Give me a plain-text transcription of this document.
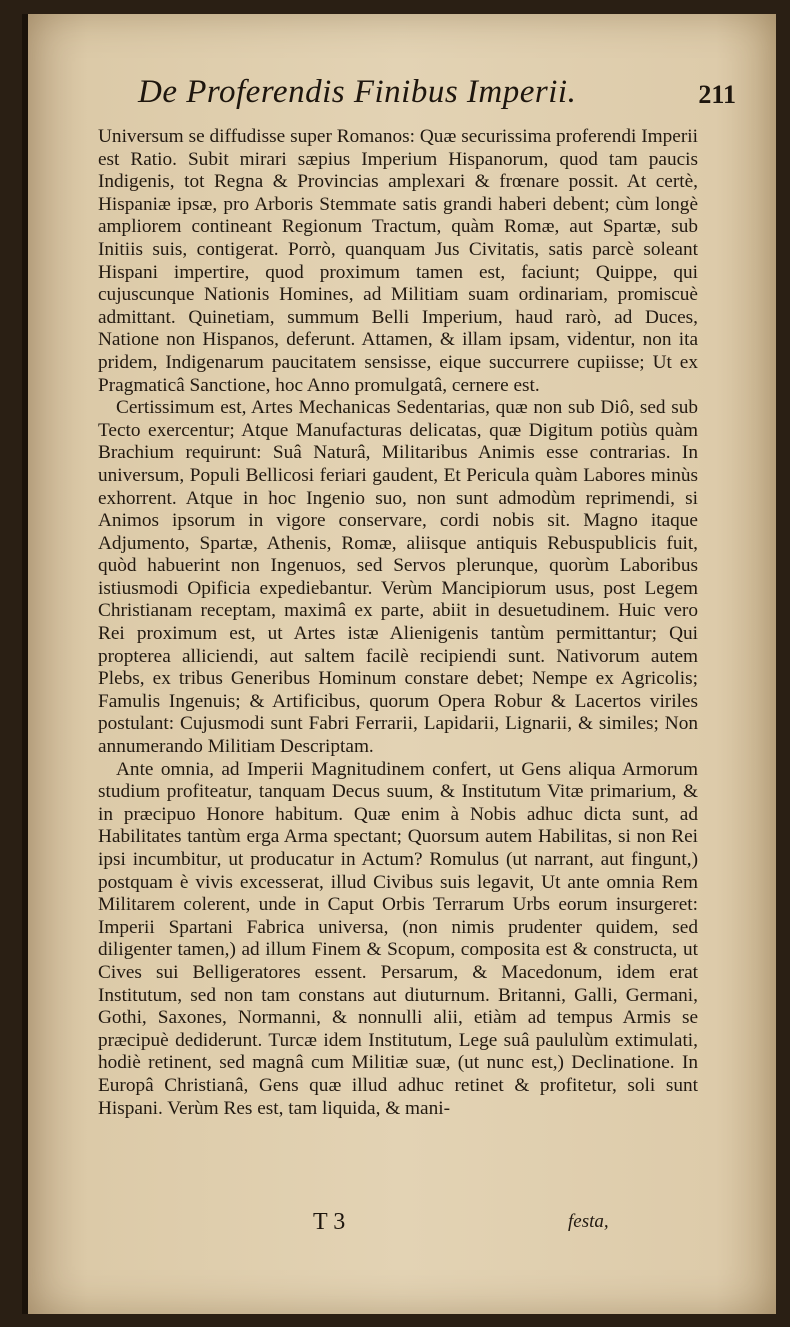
De Proferendis Finibus Imperii.	211

Universum se diffudisse super Romanos: Quæ securissima proferendi Imperii est Ratio. Subit mirari sæpius Imperium Hispanorum, quod tam paucis Indigenis, tot Regna & Provincias amplexari & frœnare possit. At certè, Hispaniæ ipsæ, pro Arboris Stemmate satis grandi haberi debent; cùm longè ampliorem contineant Regionum Tractum, quàm Romæ, aut Spartæ, sub Initiis suis, contigerat. Porrò, quanquam Jus Civitatis, satis parcè soleant Hispani impertire, quod proximum tamen est, faciunt; Quippe, qui cujuscunque Nationis Homines, ad Militiam suam ordinariam, promiscuè admittant. Quinetiam, summum Belli Imperium, haud rarò, ad Duces, Natione non Hispanos, deferunt. Attamen, & illam ipsam, videntur, non ita pridem, Indigenarum paucitatem sensisse, eique succurrere cupiisse; Ut ex Pragmaticâ Sanctione, hoc Anno promulgatâ, cernere est.

Certissimum est, Artes Mechanicas Sedentarias, quæ non sub Diô, sed sub Tecto exercentur; Atque Manufacturas delicatas, quæ Digitum potiùs quàm Brachium requirunt: Suâ Naturâ, Militaribus Animis esse contrarias. In universum, Populi Bellicosi feriari gaudent, Et Pericula quàm Labores minùs exhorrent. Atque in hoc Ingenio suo, non sunt admodùm reprimendi, si Animos ipsorum in vigore conservare, cordi nobis sit. Magno itaque Adjumento, Spartæ, Athenis, Romæ, aliisque antiquis Rebuspublicis fuit, quòd habuerint non Ingenuos, sed Servos plerunque, quorùm Laboribus istiusmodi Opificia expediebantur. Verùm Mancipiorum usus, post Legem Christianam receptam, maximâ ex parte, abiit in desuetudinem. Huic vero Rei proximum est, ut Artes istæ Alienigenis tantùm permittantur; Qui propterea alliciendi, aut saltem facilè recipiendi sunt. Nativorum autem Plebs, ex tribus Generibus Hominum constare debet; Nempe ex Agricolis; Famulis Ingenuis; & Artificibus, quorum Opera Robur & Lacertos viriles postulant: Cujusmodi sunt Fabri Ferrarii, Lapidarii, Lignarii, & similes; Non annumerando Militiam Descriptam.

Ante omnia, ad Imperii Magnitudinem confert, ut Gens aliqua Armorum studium profiteatur, tanquam Decus suum, & Institutum Vitæ primarium, & in præcipuo Honore habitum. Quæ enim à Nobis adhuc dicta sunt, ad Habilitates tantùm erga Arma spectant; Quorsum autem Habilitas, si non Rei ipsi incumbitur, ut producatur in Actum? Romulus (ut narrant, aut fingunt,) postquam è vivis excesserat, illud Civibus suis legavit, Ut ante omnia Rem Militarem colerent, unde in Caput Orbis Terrarum Urbs eorum insurgeret: Imperii Spartani Fabrica universa, (non nimis prudenter quidem, sed diligenter tamen,) ad illum Finem & Scopum, composita est & constructa, ut Cives sui Belligeratores essent. Persarum, & Macedonum, idem erat Institutum, sed non tam constans aut diuturnum. Britanni, Galli, Germani, Gothi, Saxones, Normanni, & nonnulli alii, etiàm ad tempus Armis se præcipuè dediderunt. Turcæ idem Institutum, Lege suâ paululùm extimulati, hodiè retinent, sed magnâ cum Militiæ suæ, (ut nunc est,) Declinatione. In Europâ Christianâ, Gens quæ illud adhuc retinet & profitetur, soli sunt Hispani. Verùm Res est, tam liquida, & mani-

T 3	festa,
